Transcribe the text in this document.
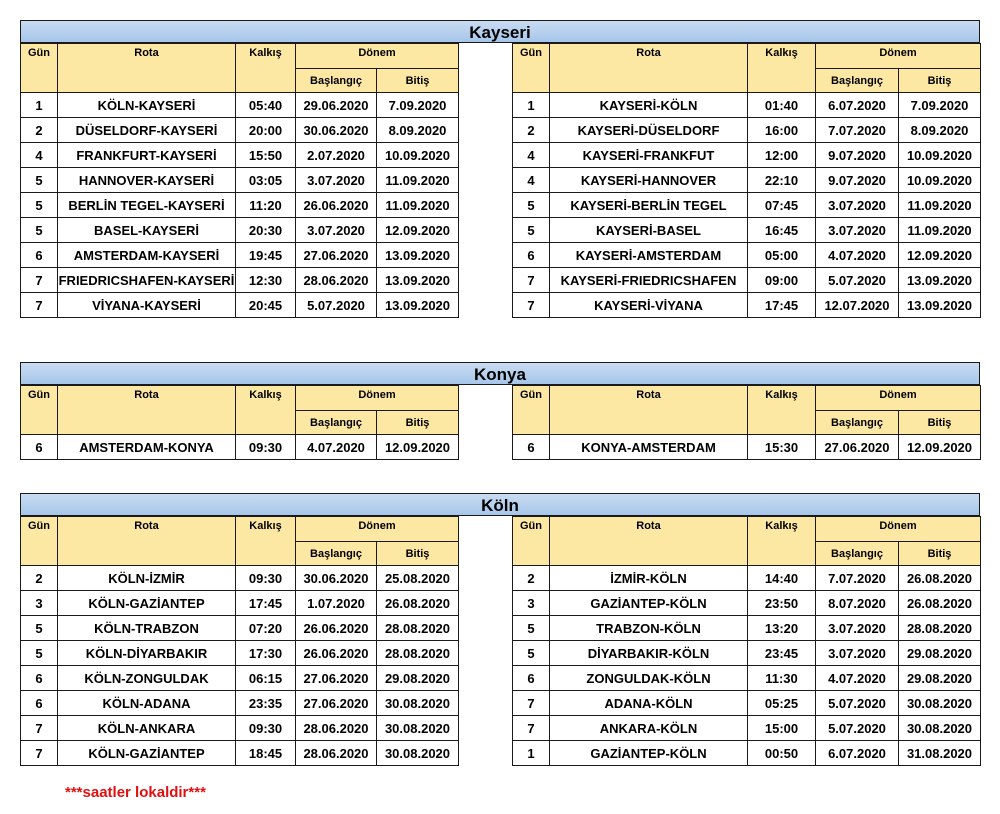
Kayseri
Gün	Rota	Kalkış	Dönem	
			Başlangıç	Bitiş
1	KÖLN-KAYSERİ	05:40	29.06.2020	7.09.2020
2	DÜSELDORF-KAYSERİ	20:00	30.06.2020	8.09.2020
4	FRANKFURT-KAYSERİ	15:50	2.07.2020	10.09.2020
5	HANNOVER-KAYSERİ	03:05	3.07.2020	11.09.2020
5	BERLİN TEGEL-KAYSERİ	11:20	26.06.2020	11.09.2020
5	BASEL-KAYSERİ	20:30	3.07.2020	12.09.2020
6	AMSTERDAM-KAYSERİ	19:45	27.06.2020	13.09.2020
7	FRIEDRICSHAFEN-KAYSERİ	12:30	28.06.2020	13.09.2020
7	VİYANA-KAYSERİ	20:45	5.07.2020	13.09.2020
Gün	Rota	Kalkış	Dönem	
			Başlangıç	Bitiş
1	KAYSERİ-KÖLN	01:40	6.07.2020	7.09.2020
2	KAYSERİ-DÜSELDORF	16:00	7.07.2020	8.09.2020
4	KAYSERİ-FRANKFUT	12:00	9.07.2020	10.09.2020
4	KAYSERİ-HANNOVER	22:10	9.07.2020	10.09.2020
5	KAYSERİ-BERLİN TEGEL	07:45	3.07.2020	11.09.2020
5	KAYSERİ-BASEL	16:45	3.07.2020	11.09.2020
6	KAYSERİ-AMSTERDAM	05:00	4.07.2020	12.09.2020
7	KAYSERİ-FRIEDRICSHAFEN	09:00	5.07.2020	13.09.2020
7	KAYSERİ-VİYANA	17:45	12.07.2020	13.09.2020
Konya
Gün	Rota	Kalkış	Dönem	
			Başlangıç	Bitiş
6	AMSTERDAM-KONYA	09:30	4.07.2020	12.09.2020
Gün	Rota	Kalkış	Dönem	
			Başlangıç	Bitiş
6	KONYA-AMSTERDAM	15:30	27.06.2020	12.09.2020
Köln
Gün	Rota	Kalkış	Dönem	
			Başlangıç	Bitiş
2	KÖLN-İZMİR	09:30	30.06.2020	25.08.2020
3	KÖLN-GAZİANTEP	17:45	1.07.2020	26.08.2020
5	KÖLN-TRABZON	07:20	26.06.2020	28.08.2020
5	KÖLN-DİYARBAKIR	17:30	26.06.2020	28.08.2020
6	KÖLN-ZONGULDAK	06:15	27.06.2020	29.08.2020
6	KÖLN-ADANA	23:35	27.06.2020	30.08.2020
7	KÖLN-ANKARA	09:30	28.06.2020	30.08.2020
7	KÖLN-GAZİANTEP	18:45	28.06.2020	30.08.2020
Gün	Rota	Kalkış	Dönem	
			Başlangıç	Bitiş
2	İZMİR-KÖLN	14:40	7.07.2020	26.08.2020
3	GAZİANTEP-KÖLN	23:50	8.07.2020	26.08.2020
5	TRABZON-KÖLN	13:20	3.07.2020	28.08.2020
5	DİYARBAKIR-KÖLN	23:45	3.07.2020	29.08.2020
6	ZONGULDAK-KÖLN	11:30	4.07.2020	29.08.2020
7	ADANA-KÖLN	05:25	5.07.2020	30.08.2020
7	ANKARA-KÖLN	15:00	5.07.2020	30.08.2020
1	GAZİANTEP-KÖLN	00:50	6.07.2020	31.08.2020
***saatler lokaldir***
